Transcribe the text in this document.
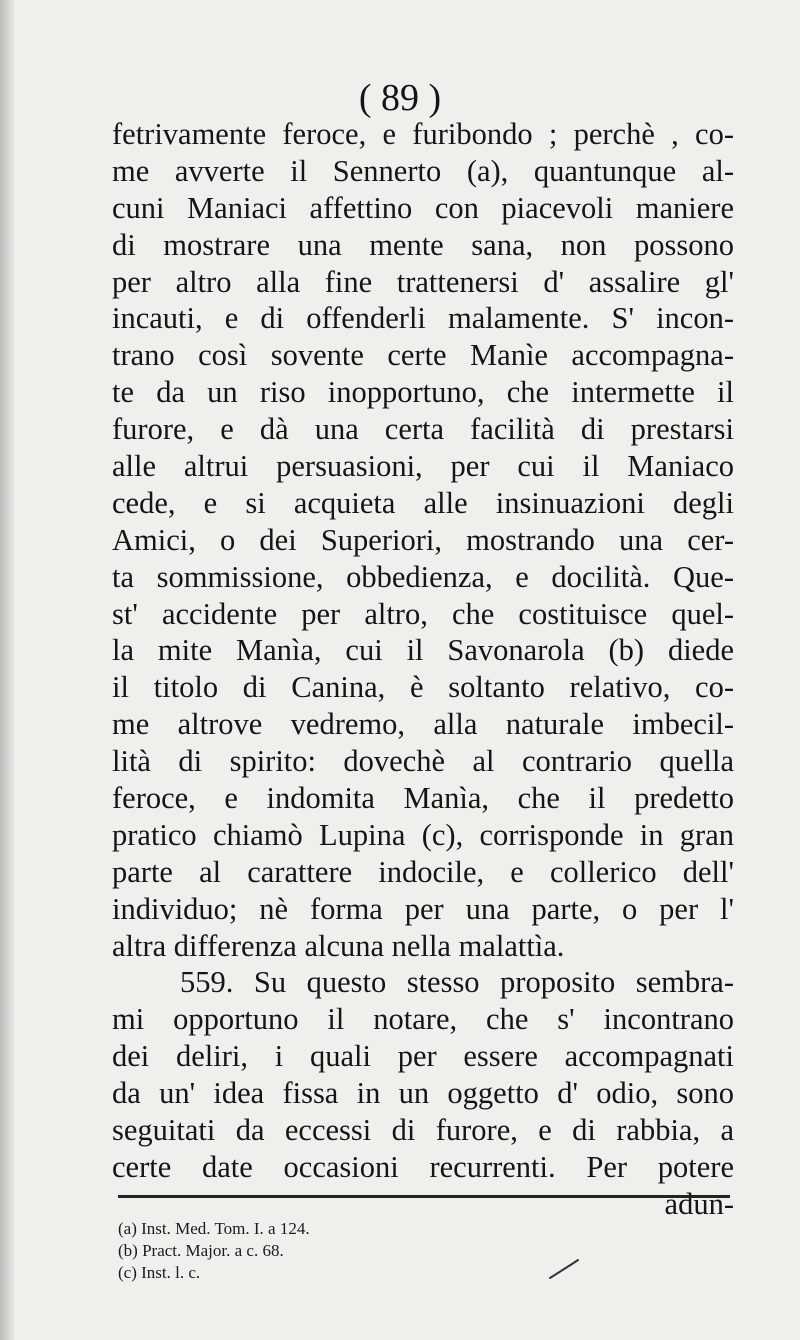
( 89 )
fetrivamente feroce, e furibondo ; perchè , co-
me avverte il Sennerto (a), quantunque al-
cuni Maniaci affettino con piacevoli maniere
di mostrare una mente sana, non possono
per altro alla fine trattenersi d' assalire gl'
incauti, e di offenderli malamente. S' incon-
trano così sovente certe Manìe accompagna-
te da un riso inopportuno, che intermette il
furore, e dà una certa facilità di prestarsi
alle altrui persuasioni, per cui il Maniaco
cede, e si acquieta alle insinuazioni degli
Amici, o dei Superiori, mostrando una cer-
ta sommissione, obbedienza, e docilità. Que-
st' accidente per altro, che costituisce quel-
la mite Manìa, cui il Savonarola (b) diede
il titolo di Canina, è soltanto relativo, co-
me altrove vedremo, alla naturale imbecil-
lità di spirito: dovechè al contrario quella
feroce, e indomita Manìa, che il predetto
pratico chiamò Lupina (c), corrisponde in gran
parte al carattere indocile, e collerico dell'
individuo; nè forma per una parte, o per l'
altra differenza alcuna nella malattìa.
559. Su questo stesso proposito sembra-
mi opportuno il notare, che s' incontrano
dei deliri, i quali per essere accompagnati
da un' idea fissa in un oggetto d' odio, sono
seguitati da eccessi di furore, e di rabbia, a
certe date occasioni recurrenti. Per potere
adun-
(a) Inst. Med. Tom. I. a 124.
(b) Pract. Major. a c. 68.
(c) Inst. l. c.
